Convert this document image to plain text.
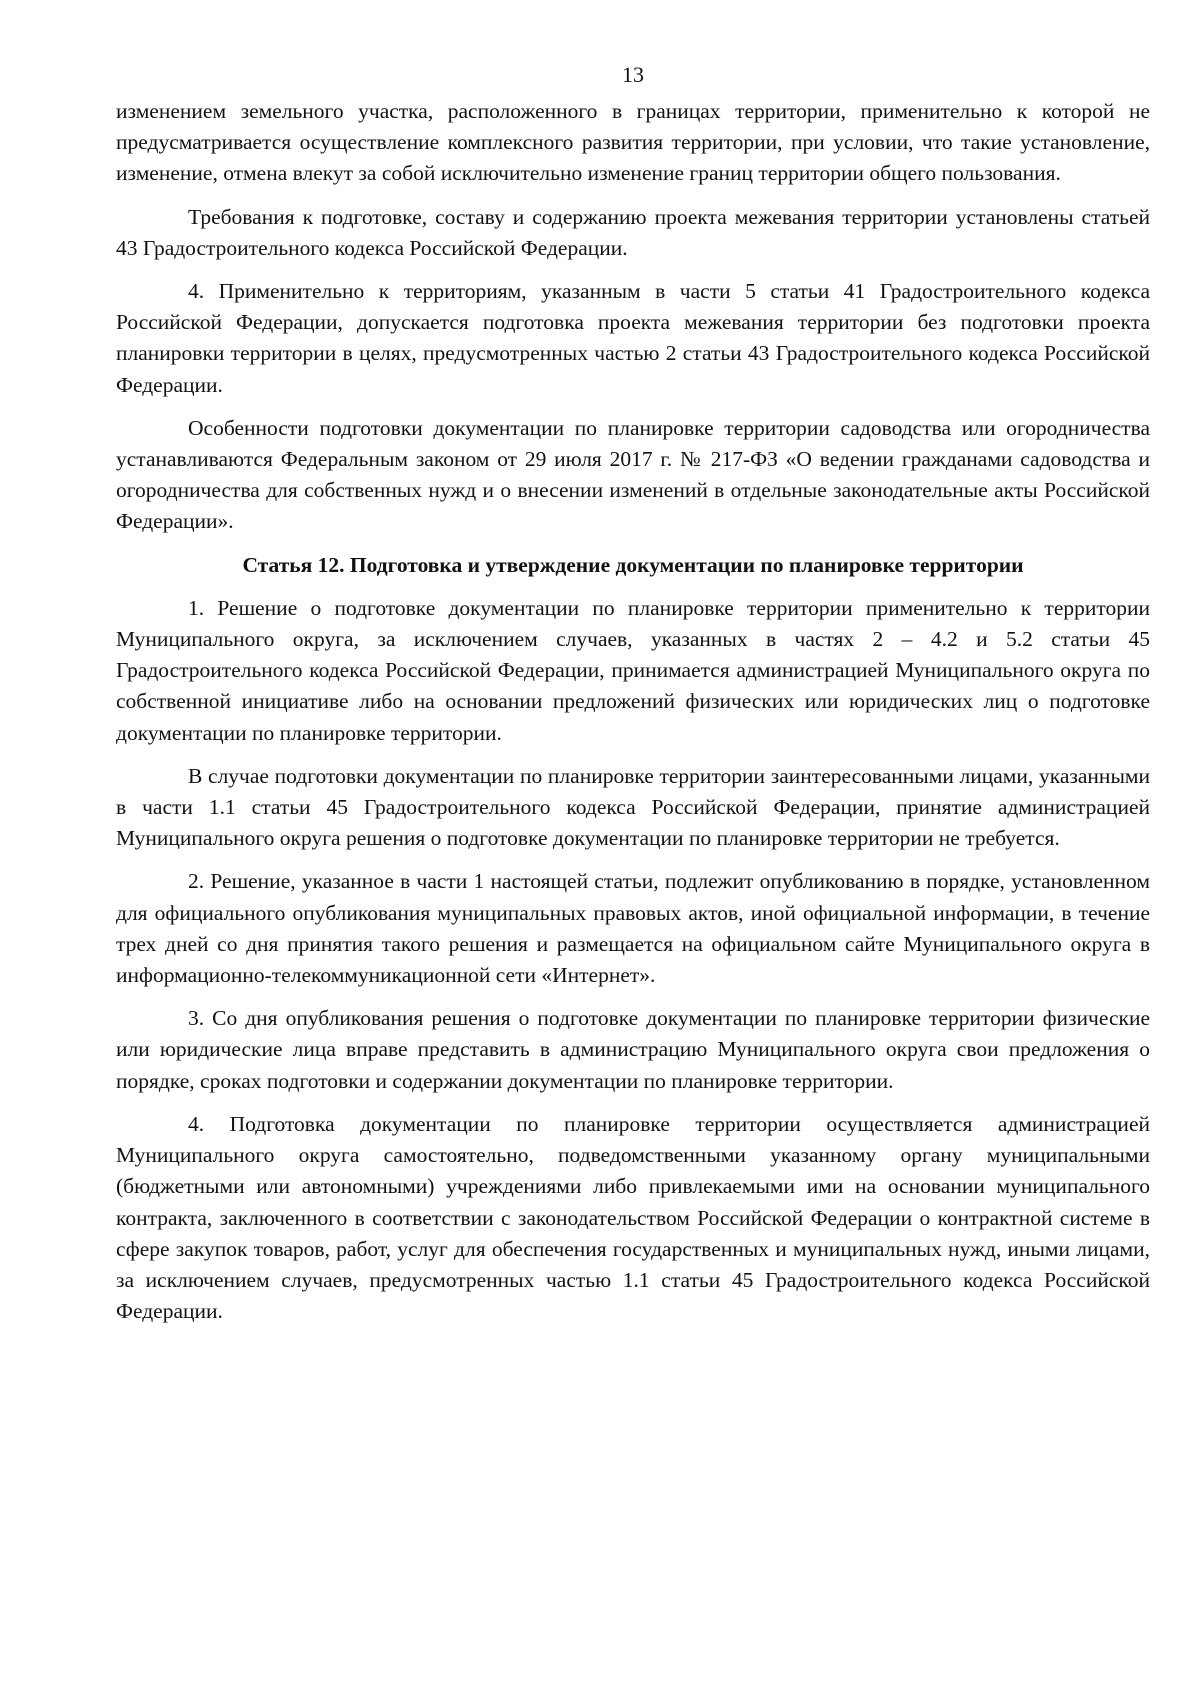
13

изменением земельного участка, расположенного в границах территории, применительно к которой не предусматривается осуществление комплексного развития территории, при условии, что такие установление, изменение, отмена влекут за собой исключительно изменение границ территории общего пользования.

Требования к подготовке, составу и содержанию проекта межевания территории установлены статьей 43 Градостроительного кодекса Российской Федерации.

4. Применительно к территориям, указанным в части 5 статьи 41 Градостроительного кодекса Российской Федерации, допускается подготовка проекта межевания территории без подготовки проекта планировки территории в целях, предусмотренных частью 2 статьи 43 Градостроительного кодекса Российской Федерации.

Особенности подготовки документации по планировке территории садоводства или огородничества устанавливаются Федеральным законом от 29 июля 2017 г. № 217-ФЗ «О ведении гражданами садоводства и огородничества для собственных нужд и о внесении изменений в отдельные законодательные акты Российской Федерации».

Статья 12. Подготовка и утверждение документации по планировке территории

1. Решение о подготовке документации по планировке территории применительно к территории Муниципального округа, за исключением случаев, указанных в частях 2 – 4.2 и 5.2 статьи 45 Градостроительного кодекса Российской Федерации, принимается администрацией Муниципального округа по собственной инициативе либо на основании предложений физических или юридических лиц о подготовке документации по планировке территории.

В случае подготовки документации по планировке территории заинтересованными лицами, указанными в части 1.1 статьи 45 Градостроительного кодекса Российской Федерации, принятие администрацией Муниципального округа решения о подготовке документации по планировке территории не требуется.

2. Решение, указанное в части 1 настоящей статьи, подлежит опубликованию в порядке, установленном для официального опубликования муниципальных правовых актов, иной официальной информации, в течение трех дней со дня принятия такого решения и размещается на официальном сайте Муниципального округа в информационно-телекоммуникационной сети «Интернет».

3. Со дня опубликования решения о подготовке документации по планировке территории физические или юридические лица вправе представить в администрацию Муниципального округа свои предложения о порядке, сроках подготовки и содержании документации по планировке территории.

4. Подготовка документации по планировке территории осуществляется администрацией Муниципального округа самостоятельно, подведомственными указанному органу муниципальными (бюджетными или автономными) учреждениями либо привлекаемыми ими на основании муниципального контракта, заключенного в соответствии с законодательством Российской Федерации о контрактной системе в сфере закупок товаров, работ, услуг для обеспечения государственных и муниципальных нужд, иными лицами, за исключением случаев, предусмотренных частью 1.1 статьи 45 Градостроительного кодекса Российской Федерации.
